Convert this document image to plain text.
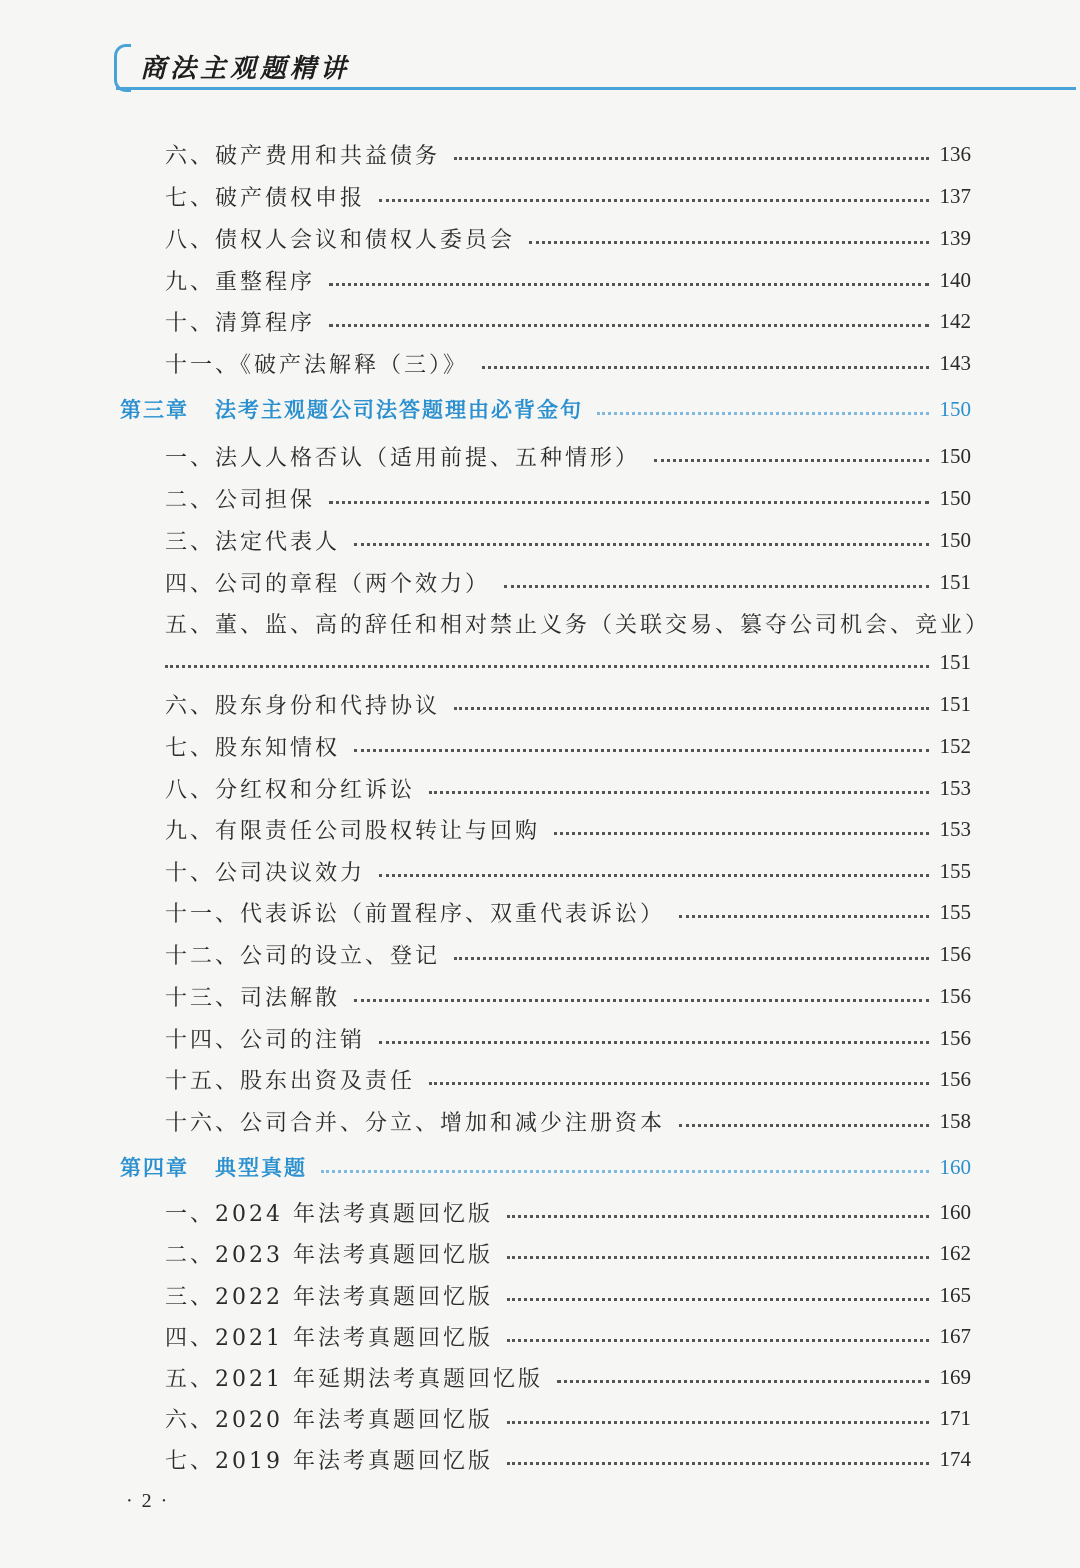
商法主观题精讲
六、破产费用和共益债务	136
七、破产债权申报	137
八、债权人会议和债权人委员会	139
九、重整程序	140
十、清算程序	142
十一、《破产法解释（三）》	143
第三章 法考主观题公司法答题理由必背金句	150
一、法人人格否认（适用前提、五种情形）	150
二、公司担保	150
三、法定代表人	150
四、公司的章程（两个效力）	151
五、董、监、高的辞任和相对禁止义务（关联交易、篡夺公司机会、竞业）
151
六、股东身份和代持协议	151
七、股东知情权	152
八、分红权和分红诉讼	153
九、有限责任公司股权转让与回购	153
十、公司决议效力	155
十一、代表诉讼（前置程序、双重代表诉讼）	155
十二、公司的设立、登记	156
十三、司法解散	156
十四、公司的注销	156
十五、股东出资及责任	156
十六、公司合并、分立、增加和减少注册资本	158
第四章 典型真题	160
一、2024 年法考真题回忆版	160
二、2023 年法考真题回忆版	162
三、2022 年法考真题回忆版	165
四、2021 年法考真题回忆版	167
五、2021 年延期法考真题回忆版	169
六、2020 年法考真题回忆版	171
七、2019 年法考真题回忆版	174
· 2 ·
